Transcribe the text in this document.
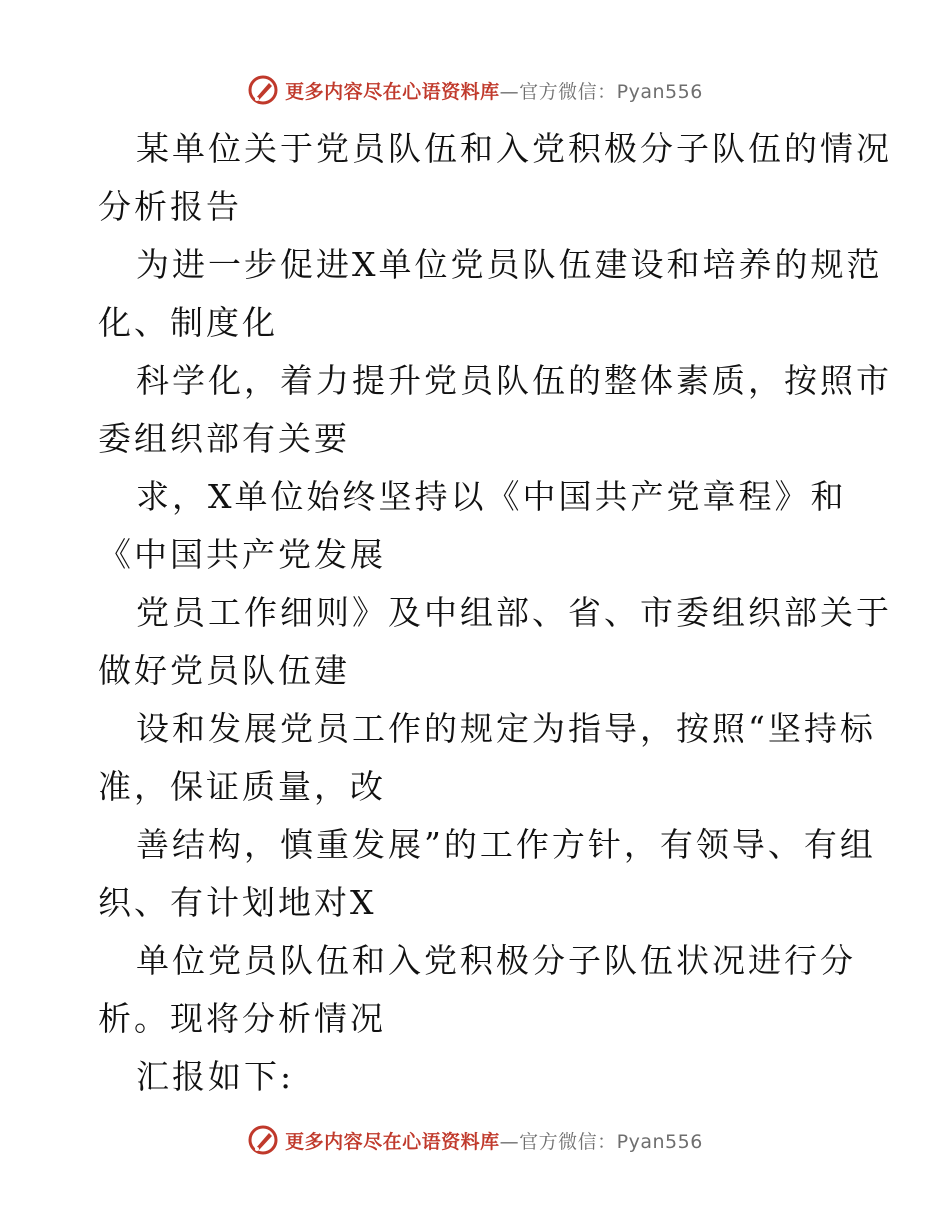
更多内容尽在心语资料库—官方微信：Pyan556

某单位关于党员队伍和入党积极分子队伍的情况

分析报告

为进一步促进X单位党员队伍建设和培养的规范

化、制度化

科学化，着力提升党员队伍的整体素质，按照市

委组织部有关要

求，X单位始终坚持以《中国共产党章程》和

《中国共产党发展

党员工作细则》及中组部、省、市委组织部关于

做好党员队伍建

设和发展党员工作的规定为指导，按照“坚持标

准，保证质量，改

善结构，慎重发展”的工作方针，有领导、有组

织、有计划地对X

单位党员队伍和入党积极分子队伍状况进行分

析。现将分析情况

汇报如下:

更多内容尽在心语资料库—官方微信：Pyan556
